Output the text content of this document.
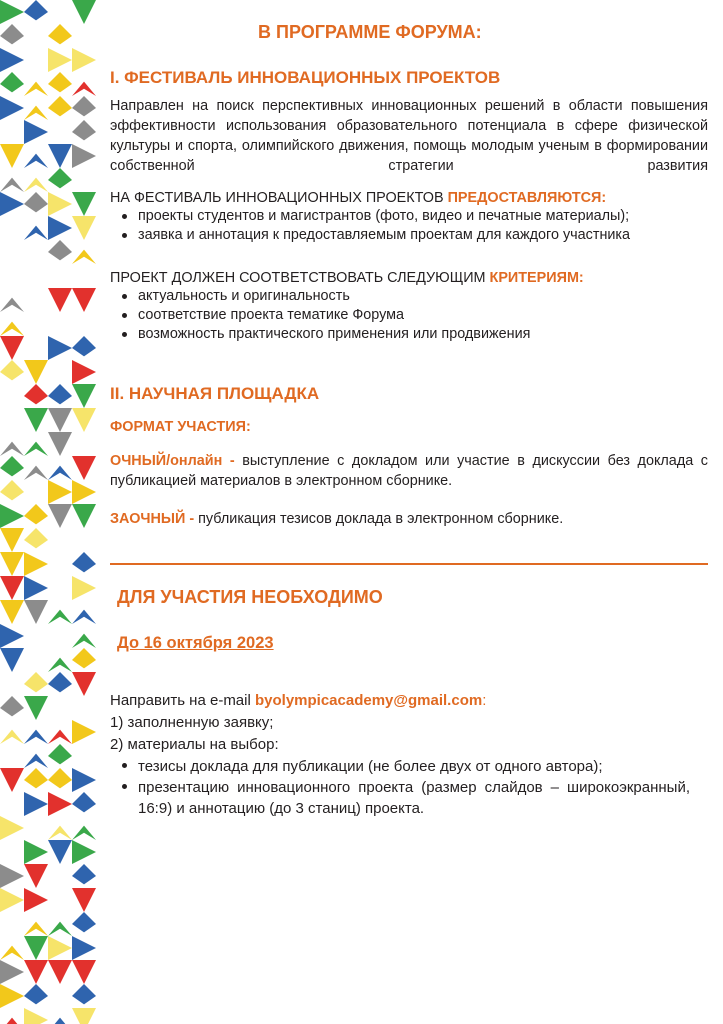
В ПРОГРАММЕ ФОРУМА:
I. ФЕСТИВАЛЬ ИННОВАЦИОННЫХ ПРОЕКТОВ
Направлен на поиск перспективных инновационных решений в области повышения эффективности использования образовательного потенциала в сфере физической культуры и спорта, олимпийского движения, помощь молодым ученым в формировании собственной стратегии развития
НА ФЕСТИВАЛЬ ИННОВАЦИОННЫХ ПРОЕКТОВ ПРЕДОСТАВЛЯЮТСЯ:
проекты студентов и магистрантов (фото, видео и печатные материалы);
заявка и аннотация к предоставляемым проектам для каждого участника
ПРОЕКТ ДОЛЖЕН СООТВЕТСТВОВАТЬ СЛЕДУЮЩИМ КРИТЕРИЯМ:
актуальность и оригинальность
соответствие проекта тематике Форума
возможность практического применения или продвижения
II. НАУЧНАЯ ПЛОЩАДКА
ФОРМАТ УЧАСТИЯ:
ОЧНЫЙ/онлайн - выступление с докладом или участие в дискуссии без доклада с публикацией материалов в электронном сборнике.
ЗАОЧНЫЙ - публикация тезисов доклада в электронном сборнике.
ДЛЯ УЧАСТИЯ НЕОБХОДИМО
До 16 октября 2023
Направить на e-mail byolympicacademy@gmail.com:
1) заполненную заявку;
2) материалы на выбор:
тезисы доклада для публикации (не более двух от одного автора);
презентацию инновационного проекта (размер слайдов – широкоэкранный, 16:9) и аннотацию (до 3 станиц) проекта.
